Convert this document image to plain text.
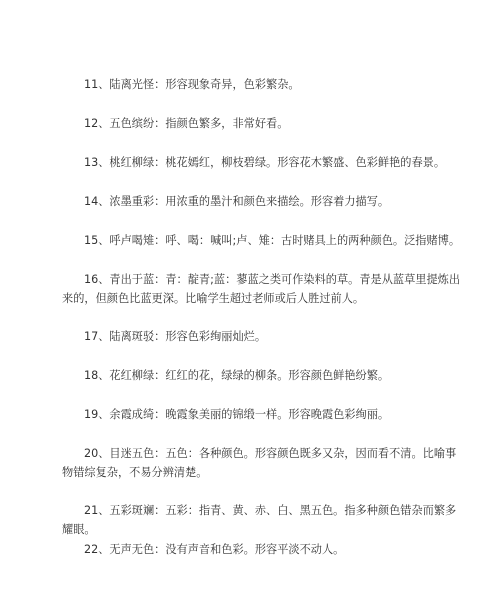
11、陆离光怪：形容现象奇异，色彩繁杂。

12、五色缤纷：指颜色繁多，非常好看。

13、桃红柳绿：桃花嫣红，柳枝碧绿。形容花木繁盛、色彩鲜艳的春景。

14、浓墨重彩：用浓重的墨汁和颜色来描绘。形容着力描写。

15、呼卢喝雉：呼、喝：喊叫;卢、雉：古时赌具上的两种颜色。泛指赌博。

16、青出于蓝：青：靛青;蓝：蓼蓝之类可作染料的草。青是从蓝草里提炼出来的，但颜色比蓝更深。比喻学生超过老师或后人胜过前人。

17、陆离斑驳：形容色彩绚丽灿烂。

18、花红柳绿：红红的花，绿绿的柳条。形容颜色鲜艳纷繁。

19、余霞成绮：晚霞象美丽的锦缎一样。形容晚霞色彩绚丽。

20、目迷五色：五色：各种颜色。形容颜色既多又杂，因而看不清。比喻事物错综复杂，不易分辨清楚。

21、五彩斑斓：五彩：指青、黄、赤、白、黑五色。指多种颜色错杂而繁多耀眼。

22、无声无色：没有声音和色彩。形容平淡不动人。
